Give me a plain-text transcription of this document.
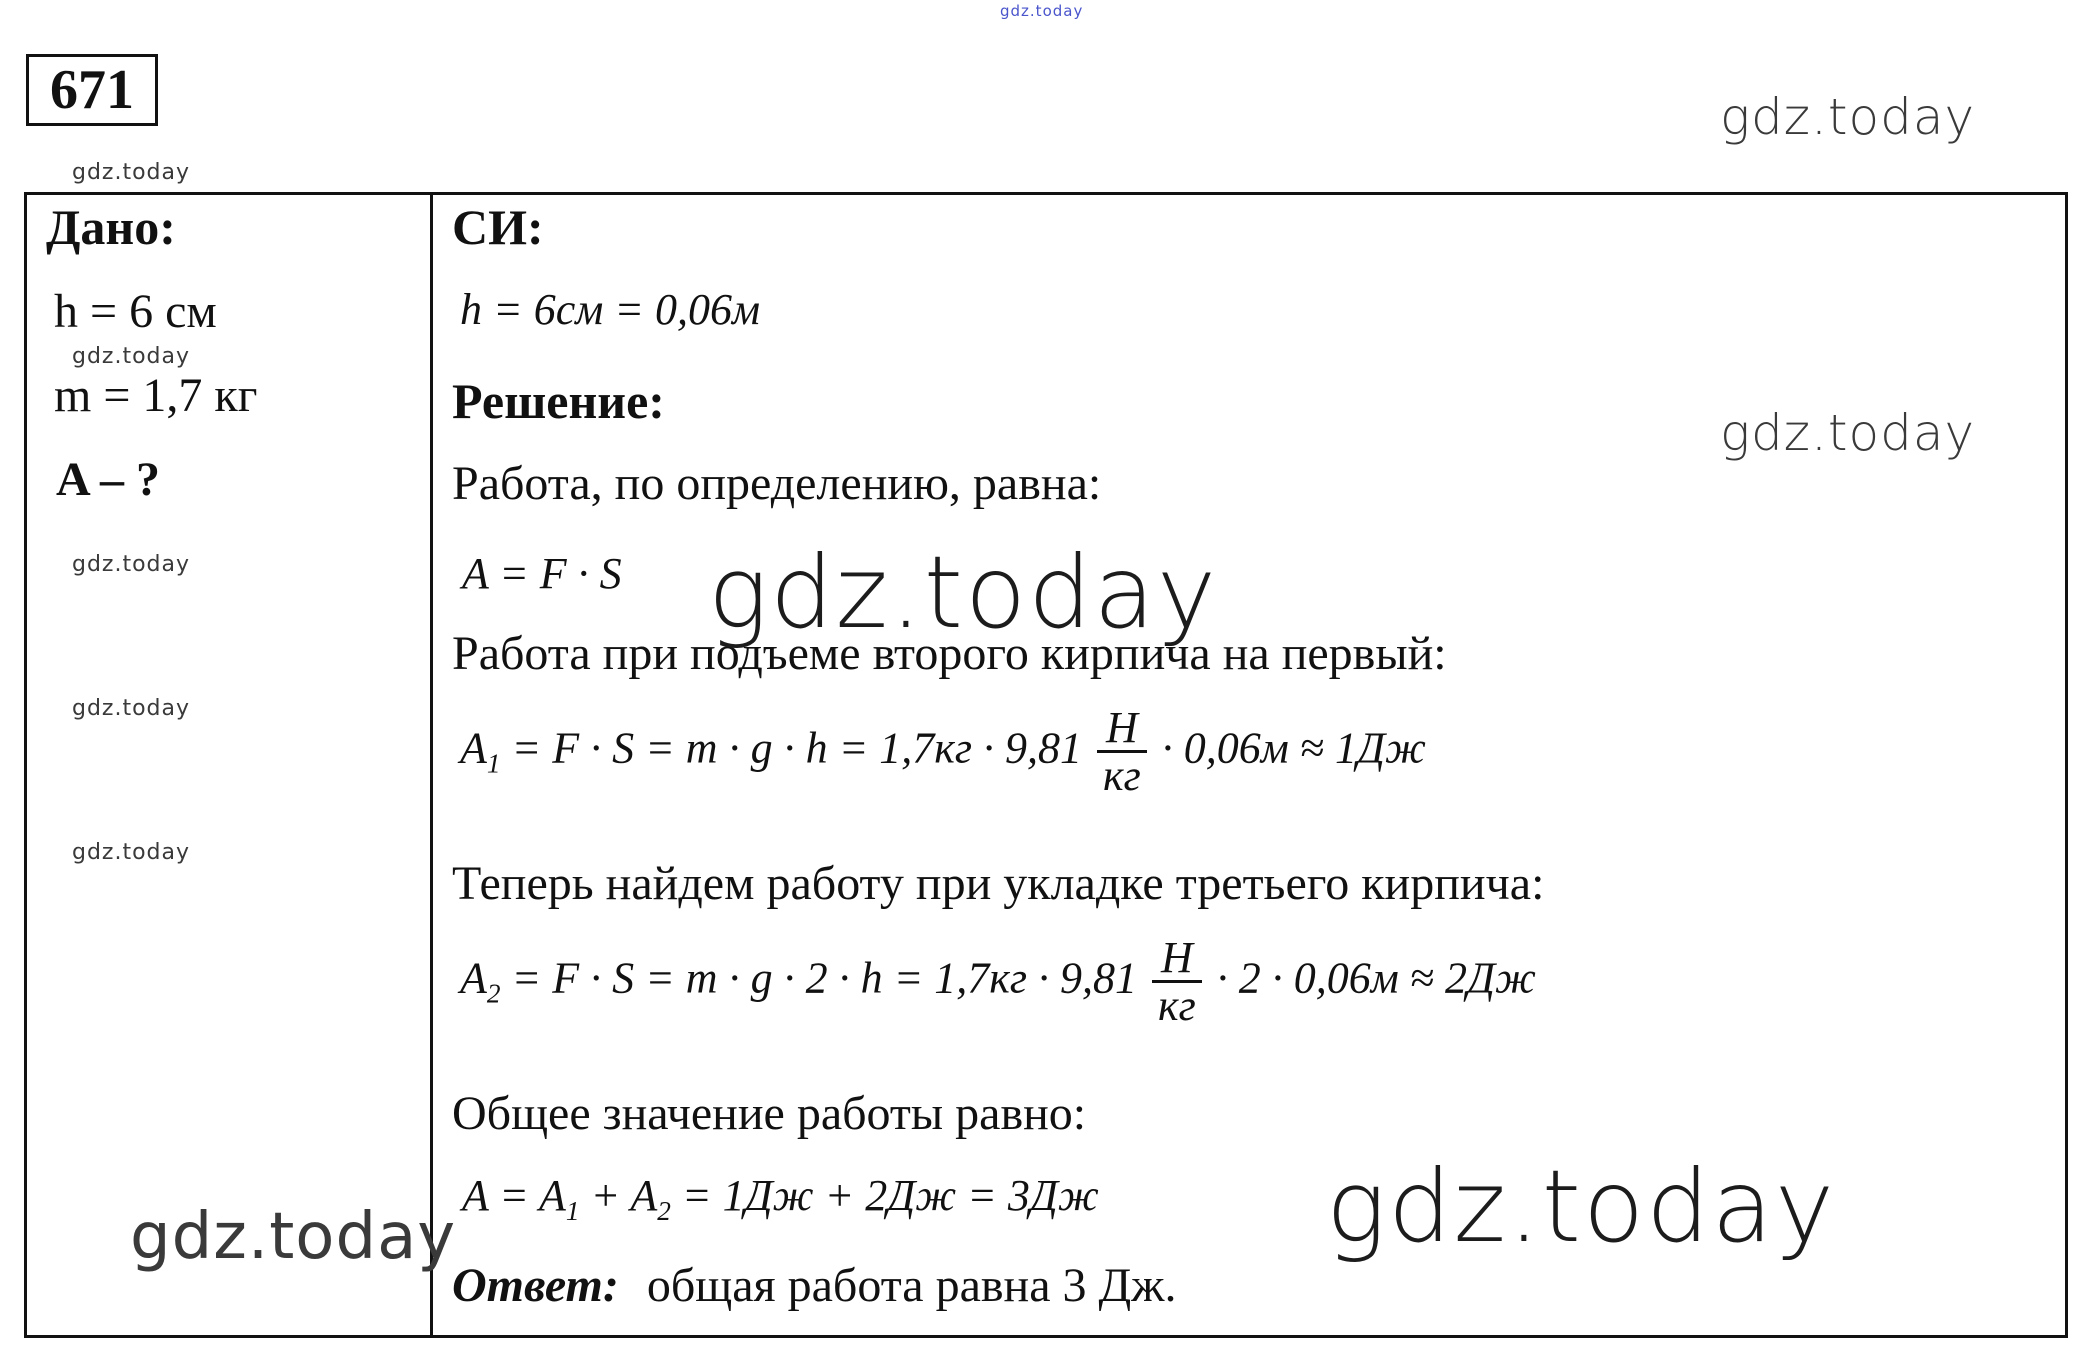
gdz.today
gdz.today
gdz.today
gdz.today
gdz.today
gdz.today
gdz.today
gdz.today
671
Дано:
h = 6 см
m = 1,7 кг
A – ?
СИ:
h = 6см = 0,06м
Решение:
Работа, по определению, равна:
A = F · S
Работа при подъеме второго кирпича на первый:
$A_1 = F \cdot S = m \cdot g \cdot h = 1,7кг \cdot 9,81 \frac{Н}{кг} \cdot 0,06м \approx 1Дж$
Теперь найдем работу при укладке третьего кирпича:
$A_2 = F \cdot S = m \cdot g \cdot 2 \cdot h = 1,7кг \cdot 9,81 \frac{Н}{кг} \cdot 2 \cdot 0,06м \approx 2Дж$
Общее значение работы равно:
$A = A_1 + A_2 = 1Дж + 2Дж = 3Дж$
Ответ: общая работа равна 3 Дж.
gdz.today
gdz.today
gdz.today
